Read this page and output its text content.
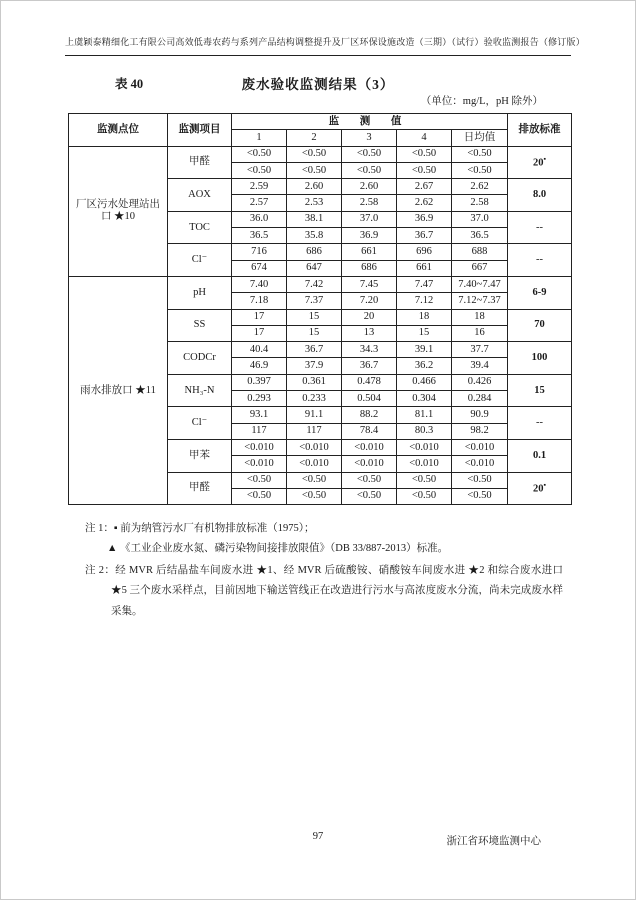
上虞颖泰精细化工有限公司高效低毒农药与系列产品结构调整提升及厂区环保设施改造（三期）（试行）验收监测报告（修订版）
表 40	废水验收监测结果（3）
（单位：mg/L，pH 除外）
监测点位	监测项目	监 测 值					排放标准
		1	2	3	4	日均值	
厂区污水处理站出口 ★10	甲醛	<0.50	<0.50	<0.50	<0.50	<0.50	20▪
		<0.50	<0.50	<0.50	<0.50	<0.50	
	AOX	2.59	2.60	2.60	2.67	2.62	8.0
		2.57	2.53	2.58	2.62	2.58	
	TOC	36.0	38.1	37.0	36.9	37.0	--
		36.5	35.8	36.9	36.7	36.5	
	Cl⁻	716	686	661	696	688	--
		674	647	686	661	667	
雨水排放口 ★11	pH	7.40	7.42	7.45	7.47	7.40~7.47	6-9
		7.18	7.37	7.20	7.12	7.12~7.37	
	SS	17	15	20	18	18	70
		17	15	13	15	16	
	CODCr	40.4	36.7	34.3	39.1	37.7	100
		46.9	37.9	36.7	36.2	39.4	
	NH₃-N	0.397	0.361	0.478	0.466	0.426	15
		0.293	0.233	0.504	0.304	0.284	
	Cl⁻	93.1	91.1	88.2	81.1	90.9	--
		117	117	78.4	80.3	98.2	
	甲苯	<0.010	<0.010	<0.010	<0.010	<0.010	0.1
		<0.010	<0.010	<0.010	<0.010	<0.010	
	甲醛	<0.50	<0.50	<0.50	<0.50	<0.50	20▪
		<0.50	<0.50	<0.50	<0.50	<0.50	
注 1：▪ 前为纳管污水厂有机物排放标准（1975）；
▲ 《工业企业废水氮、磷污染物间接排放限值》（DB 33/887-2013）标准。
注 2：经 MVR 后结晶盐车间废水进 ★1、经 MVR 后硫酸铵、硝酸铵车间废水进 ★2 和综合废水进口★5 三个废水采样点，目前因地下输送管线正在改造进行污水与高浓度废水分流，尚未完成废水样采集。
97	浙江省环境监测中心
